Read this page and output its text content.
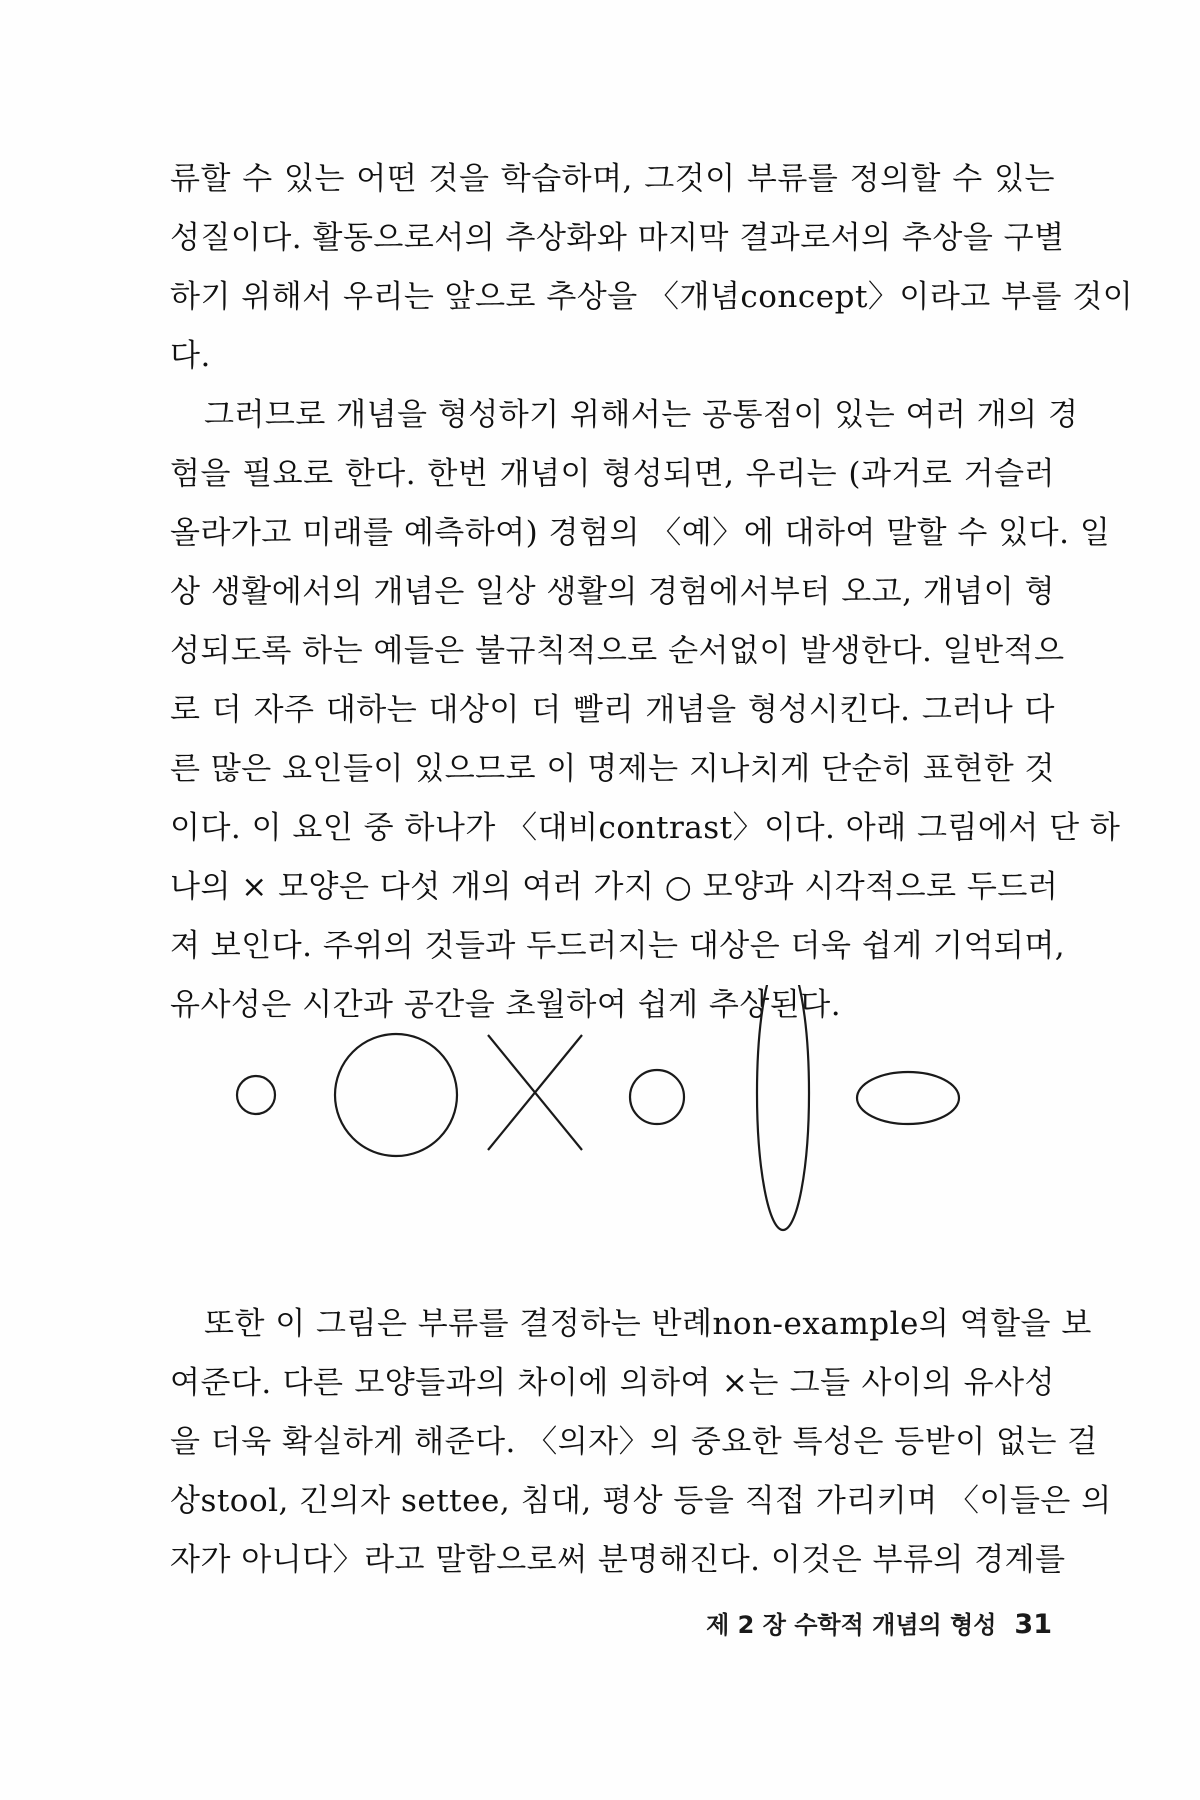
류할 수 있는 어떤 것을 학습하며, 그것이 부류를 정의할 수 있는
성질이다. 활동으로서의 추상화와 마지막 결과로서의 추상을 구별
하기 위해서 우리는 앞으로 추상을 〈개념concept〉이라고 부를 것이
다.
그러므로 개념을 형성하기 위해서는 공통점이 있는 여러 개의 경
험을 필요로 한다. 한번 개념이 형성되면, 우리는 (과거로 거슬러
올라가고 미래를 예측하여) 경험의 〈예〉에 대하여 말할 수 있다. 일
상 생활에서의 개념은 일상 생활의 경험에서부터 오고, 개념이 형
성되도록 하는 예들은 불규칙적으로 순서없이 발생한다. 일반적으
로 더 자주 대하는 대상이 더 빨리 개념을 형성시킨다. 그러나 다
른 많은 요인들이 있으므로 이 명제는 지나치게 단순히 표현한 것
이다. 이 요인 중 하나가 〈대비contrast〉이다. 아래 그림에서 단 하
나의 × 모양은 다섯 개의 여러 가지 ○ 모양과 시각적으로 두드러
져 보인다. 주위의 것들과 두드러지는 대상은 더욱 쉽게 기억되며,
유사성은 시간과 공간을 초월하여 쉽게 추상된다.
또한 이 그림은 부류를 결정하는 반례non-example의 역할을 보
여준다. 다른 모양들과의 차이에 의하여 ×는 그들 사이의 유사성
을 더욱 확실하게 해준다. 〈의자〉의 중요한 특성은 등받이 없는 걸
상stool, 긴의자 settee, 침대, 평상 등을 직접 가리키며 〈이들은 의
자가 아니다〉라고 말함으로써 분명해진다. 이것은 부류의 경계를
제 2 장 수학적 개념의 형성 31
